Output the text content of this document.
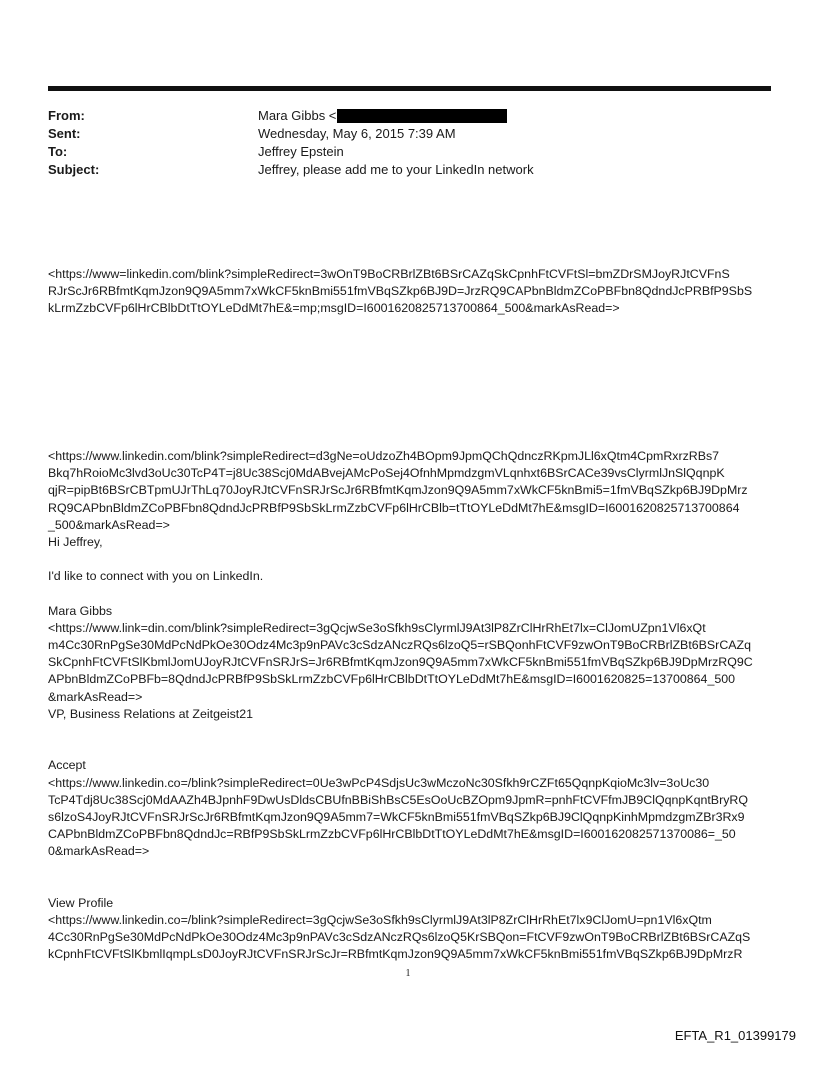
From:	Mara Gibbs <
Sent:	Wednesday, May 6, 2015 7:39 AM
To:	Jeffrey Epstein
Subject:	Jeffrey, please add me to your LinkedIn network
<https://www=linkedin.com/blink?simpleRedirect=3wOnT9BoCRBrlZBt6BSrCAZqSkCpnhFtCVFtSl=bmZDrSMJoyRJtCVFnS
RJrScJr6RBfmtKqmJzon9Q9A5mm7xWkCF5knBmi551fmVBqSZkp6BJ9D=JrzRQ9CAPbnBldmZCoPBFbn8QdndJcPRBfP9SbS
kLrmZzbCVFp6lHrCBlbDtTtOYLeDdMt7hE&=mp;msgID=I6001620825713700864_500&markAsRead=>
<https://www.linkedin.com/blink?simpleRedirect=d3gNe=oUdzoZh4BOpm9JpmQChQdnczRKpmJLl6xQtm4CpmRxrzRBs7
Bkq7hRoioMc3lvd3oUc30TcP4T=j8Uc38Scj0MdABvejAMcPoSej4OfnhMpmdzgmVLqnhxt6BSrCACe39vsClyrmlJnSlQqnpK
qjR=pipBt6BSrCBTpmUJrThLq70JoyRJtCVFnSRJrScJr6RBfmtKqmJzon9Q9A5mm7xWkCF5knBmi5=1fmVBqSZkp6BJ9DpMrz
RQ9CAPbnBldmZCoPBFbn8QdndJcPRBfP9SbSkLrmZzbCVFp6lHrCBlb=tTtOYLeDdMt7hE&msgID=I6001620825713700864
_500&markAsRead=>
Hi Jeffrey,
I'd like to connect with you on LinkedIn.
Mara Gibbs
<https://www.link=din.com/blink?simpleRedirect=3gQcjwSe3oSfkh9sClyrmlJ9At3lP8ZrClHrRhEt7lx=ClJomUZpn1Vl6xQt
m4Cc30RnPgSe30MdPcNdPkOe30Odz4Mc3p9nPAVc3cSdzANczRQs6lzoQ5=rSBQonhFtCVF9zwOnT9BoCRBrlZBt6BSrCAZq
SkCpnhFtCVFtSlKbmlJomUJoyRJtCVFnSRJrS=Jr6RBfmtKqmJzon9Q9A5mm7xWkCF5knBmi551fmVBqSZkp6BJ9DpMrzRQ9C
APbnBldmZCoPBFb=8QdndJcPRBfP9SbSkLrmZzbCVFp6lHrCBlbDtTtOYLeDdMt7hE&msgID=I6001620825=13700864_500
&markAsRead=>
VP, Business Relations at Zeitgeist21
Accept
<https://www.linkedin.co=/blink?simpleRedirect=0Ue3wPcP4SdjsUc3wMczoNc30Sfkh9rCZFt65QqnpKqioMc3lv=3oUc30
TcP4Tdj8Uc38Scj0MdAAZh4BJpnhF9DwUsDldsCBUfnBBiShBsC5EsOoUcBZOpm9JpmR=pnhFtCVFfmJB9ClQqnpKqntBryRQ
s6lzoS4JoyRJtCVFnSRJrScJr6RBfmtKqmJzon9Q9A5mm7=WkCF5knBmi551fmVBqSZkp6BJ9ClQqnpKinhMpmdzgmZBr3Rx9
CAPbnBldmZCoPBFbn8QdndJc=RBfP9SbSkLrmZzbCVFp6lHrCBlbDtTtOYLeDdMt7hE&msgID=I600162082571370086=_50
0&markAsRead=>
View Profile
<https://www.linkedin.co=/blink?simpleRedirect=3gQcjwSe3oSfkh9sClyrmlJ9At3lP8ZrClHrRhEt7lx9ClJomU=pn1Vl6xQtm
4Cc30RnPgSe30MdPcNdPkOe30Odz4Mc3p9nPAVc3cSdzANczRQs6lzoQ5KrSBQon=FtCVF9zwOnT9BoCRBrlZBt6BSrCAZqS
kCpnhFtCVFtSlKbmlIqmpLsD0JoyRJtCVFnSRJrScJr=RBfmtKqmJzon9Q9A5mm7xWkCF5knBmi551fmVBqSZkp6BJ9DpMrzR
1
EFTA_R1_01399179
